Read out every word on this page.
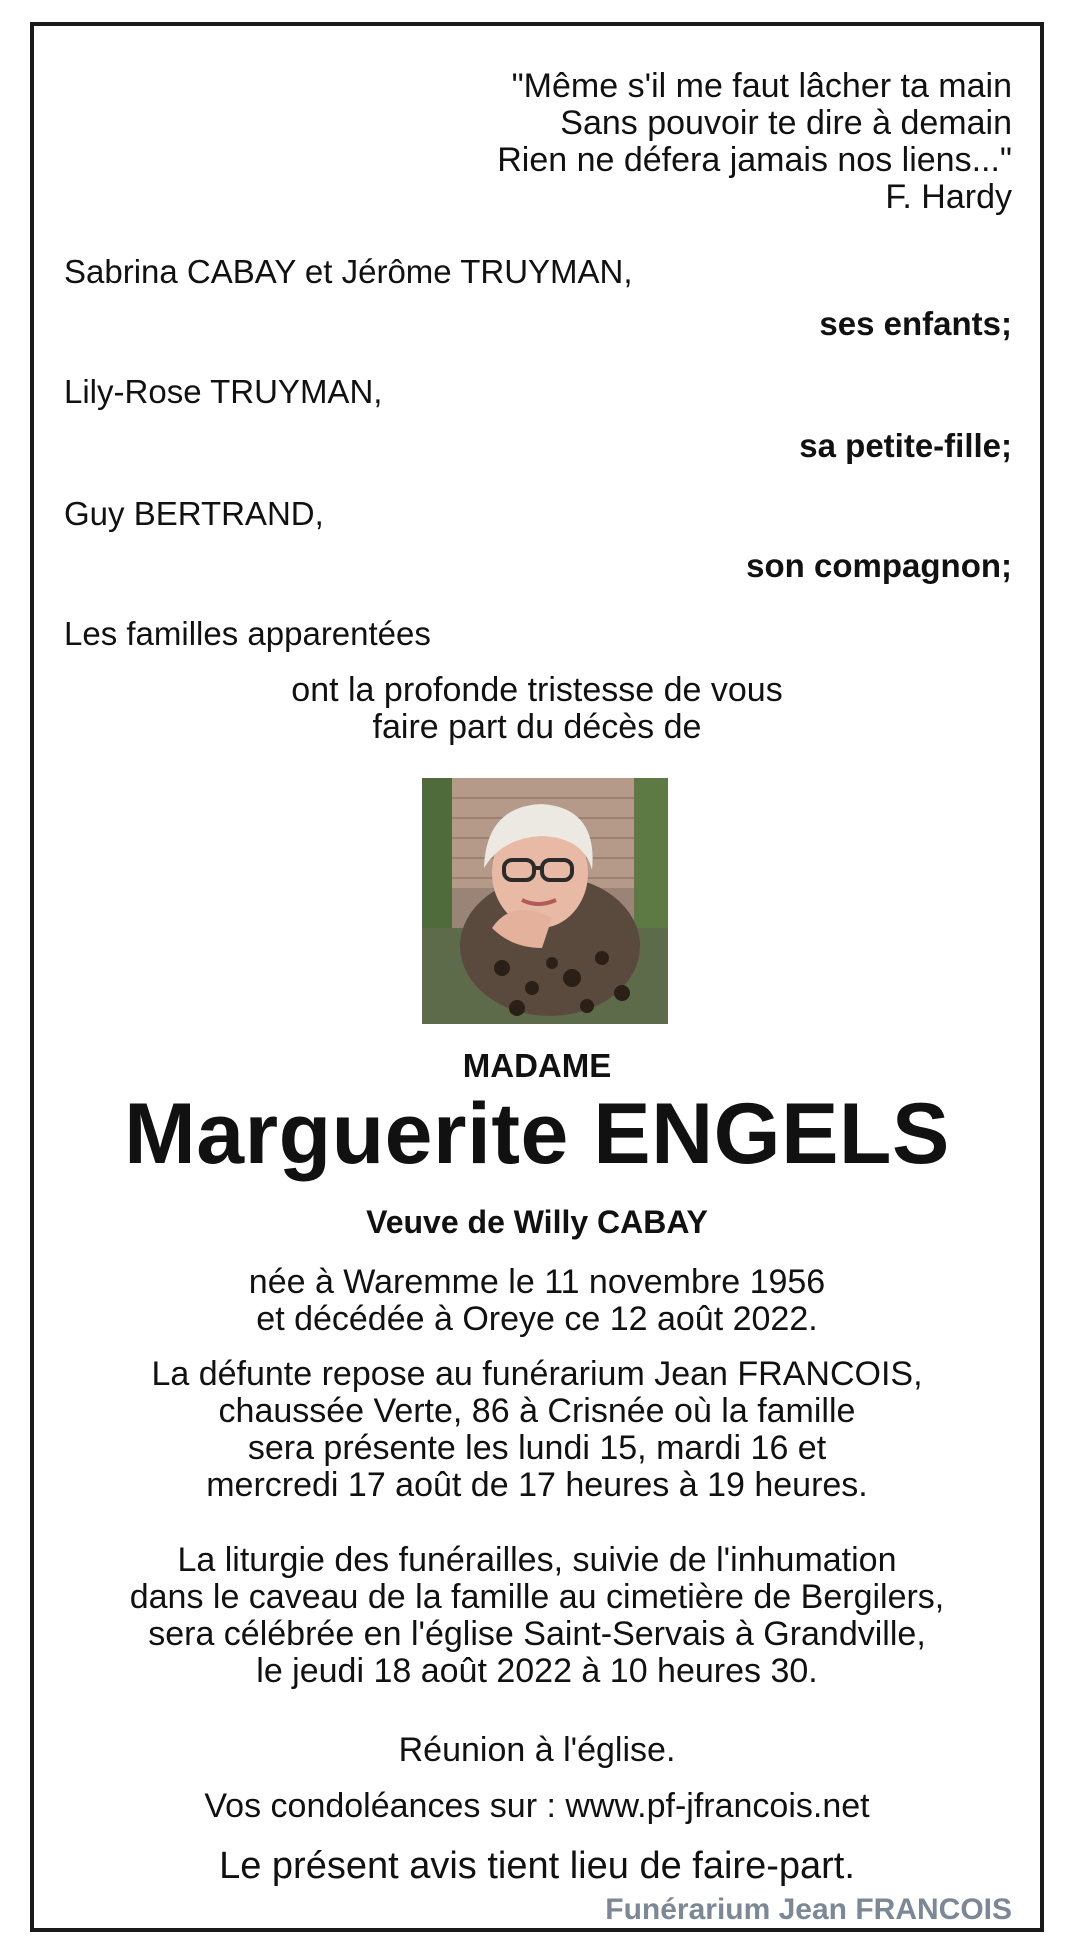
"Même s'il me faut lâcher ta main
Sans pouvoir te dire à demain
Rien ne défera jamais nos liens..."
F. Hardy

Sabrina CABAY et Jérôme TRUYMAN,

ses enfants;

Lily-Rose TRUYMAN,

sa petite-fille;

Guy BERTRAND,

son compagnon;

Les familles apparentées

ont la profonde tristesse de vous
faire part du décès de

MADAME

Marguerite ENGELS

Veuve de Willy CABAY

née à Waremme le 11 novembre 1956
et décédée à Oreye ce 12 août 2022.
La défunte repose au funérarium Jean FRANCOIS,
chaussée Verte, 86 à Crisnée où la famille
sera présente les lundi 15, mardi 16 et
mercredi 17 août de 17 heures à 19 heures.
La liturgie des funérailles, suivie de l'inhumation
dans le caveau de la famille au cimetière de Bergilers,
sera célébrée en l'église Saint-Servais à Grandville,
le jeudi 18 août 2022 à 10 heures 30.

Réunion à l'église.

Vos condoléances sur : www.pf-jfrancois.net

Le présent avis tient lieu de faire-part.

Funérarium Jean FRANCOIS
